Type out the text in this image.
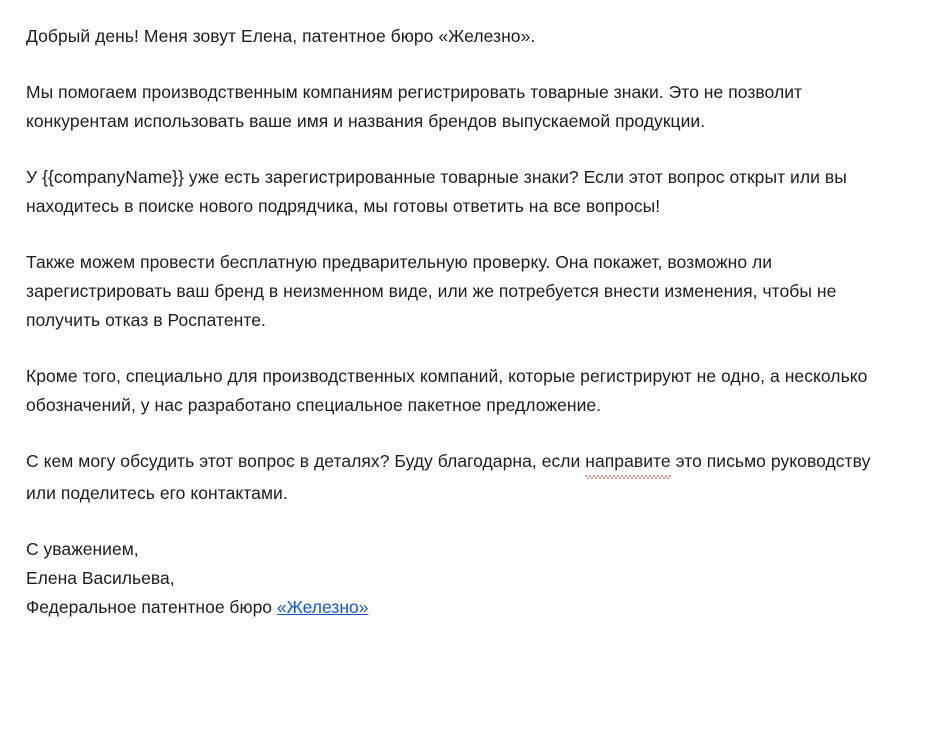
Добрый день! Меня зовут Елена, патентное бюро «Железно».

Мы помогаем производственным компаниям регистрировать товарные знаки. Это не позволит конкурентам использовать ваше имя и названия брендов выпускаемой продукции.

У {{companyName}} уже есть зарегистрированные товарные знаки? Если этот вопрос открыт или вы находитесь в поиске нового подрядчика, мы готовы ответить на все вопросы!

Также можем провести бесплатную предварительную проверку. Она покажет, возможно ли зарегистрировать ваш бренд в неизменном виде, или же потребуется внести изменения, чтобы не получить отказ в Роспатенте.

Кроме того, специально для производственных компаний, которые регистрируют не одно, а несколько обозначений, у нас разработано специальное пакетное предложение.

С кем могу обсудить этот вопрос в деталях? Буду благодарна, если направите это письмо руководству или поделитесь его контактами.

С уважением,
Елена Васильева,
Федеральное патентное бюро «Железно»
